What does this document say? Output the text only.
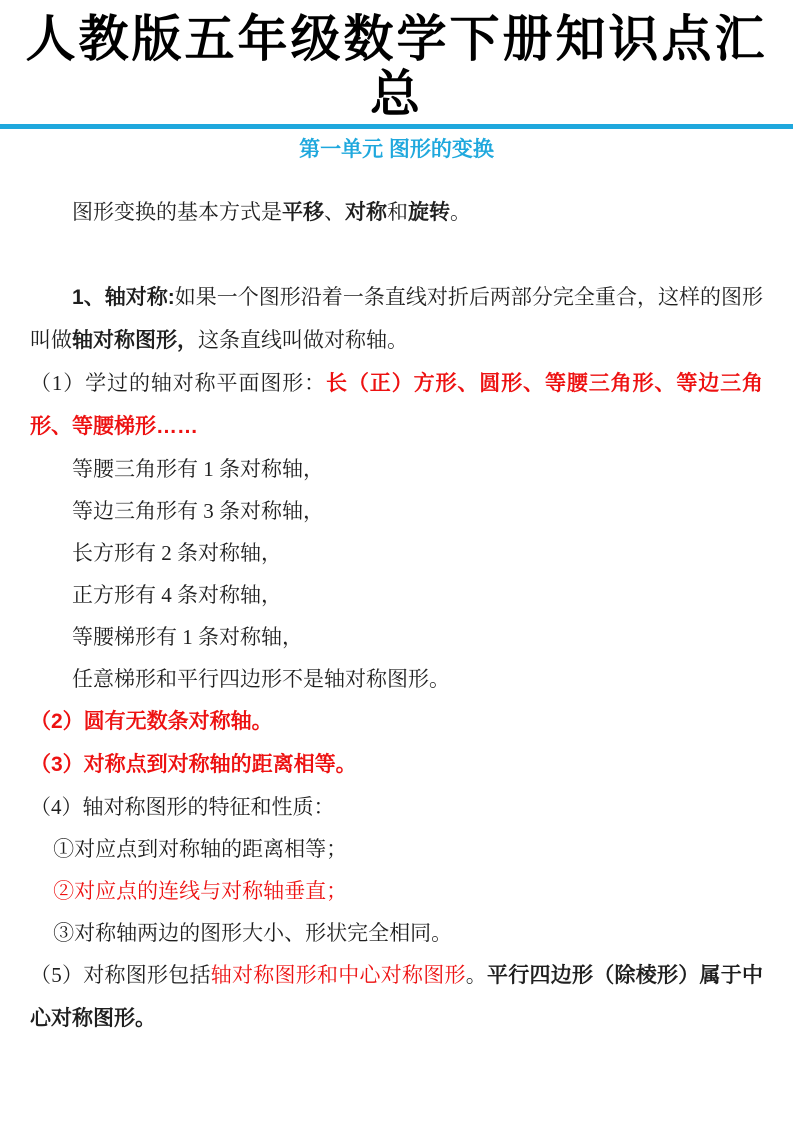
人教版五年级数学下册知识点汇总
第一单元 图形的变换

图形变换的基本方式是平移、对称和旋转。

1、轴对称:如果一个图形沿着一条直线对折后两部分完全重合，这样的图形叫做轴对称图形，这条直线叫做对称轴。

（1）学过的轴对称平面图形：长（正）方形、圆形、等腰三角形、等边三角形、等腰梯形……

等腰三角形有 1 条对称轴，

等边三角形有 3 条对称轴，

长方形有 2 条对称轴，

正方形有 4 条对称轴，

等腰梯形有 1 条对称轴，

任意梯形和平行四边形不是轴对称图形。

（2）圆有无数条对称轴。

（3）对称点到对称轴的距离相等。

（4）轴对称图形的特征和性质：

①对应点到对称轴的距离相等；

②对应点的连线与对称轴垂直；

③对称轴两边的图形大小、形状完全相同。

（5）对称图形包括轴对称图形和中心对称图形。平行四边形（除棱形）属于中心对称图形。
